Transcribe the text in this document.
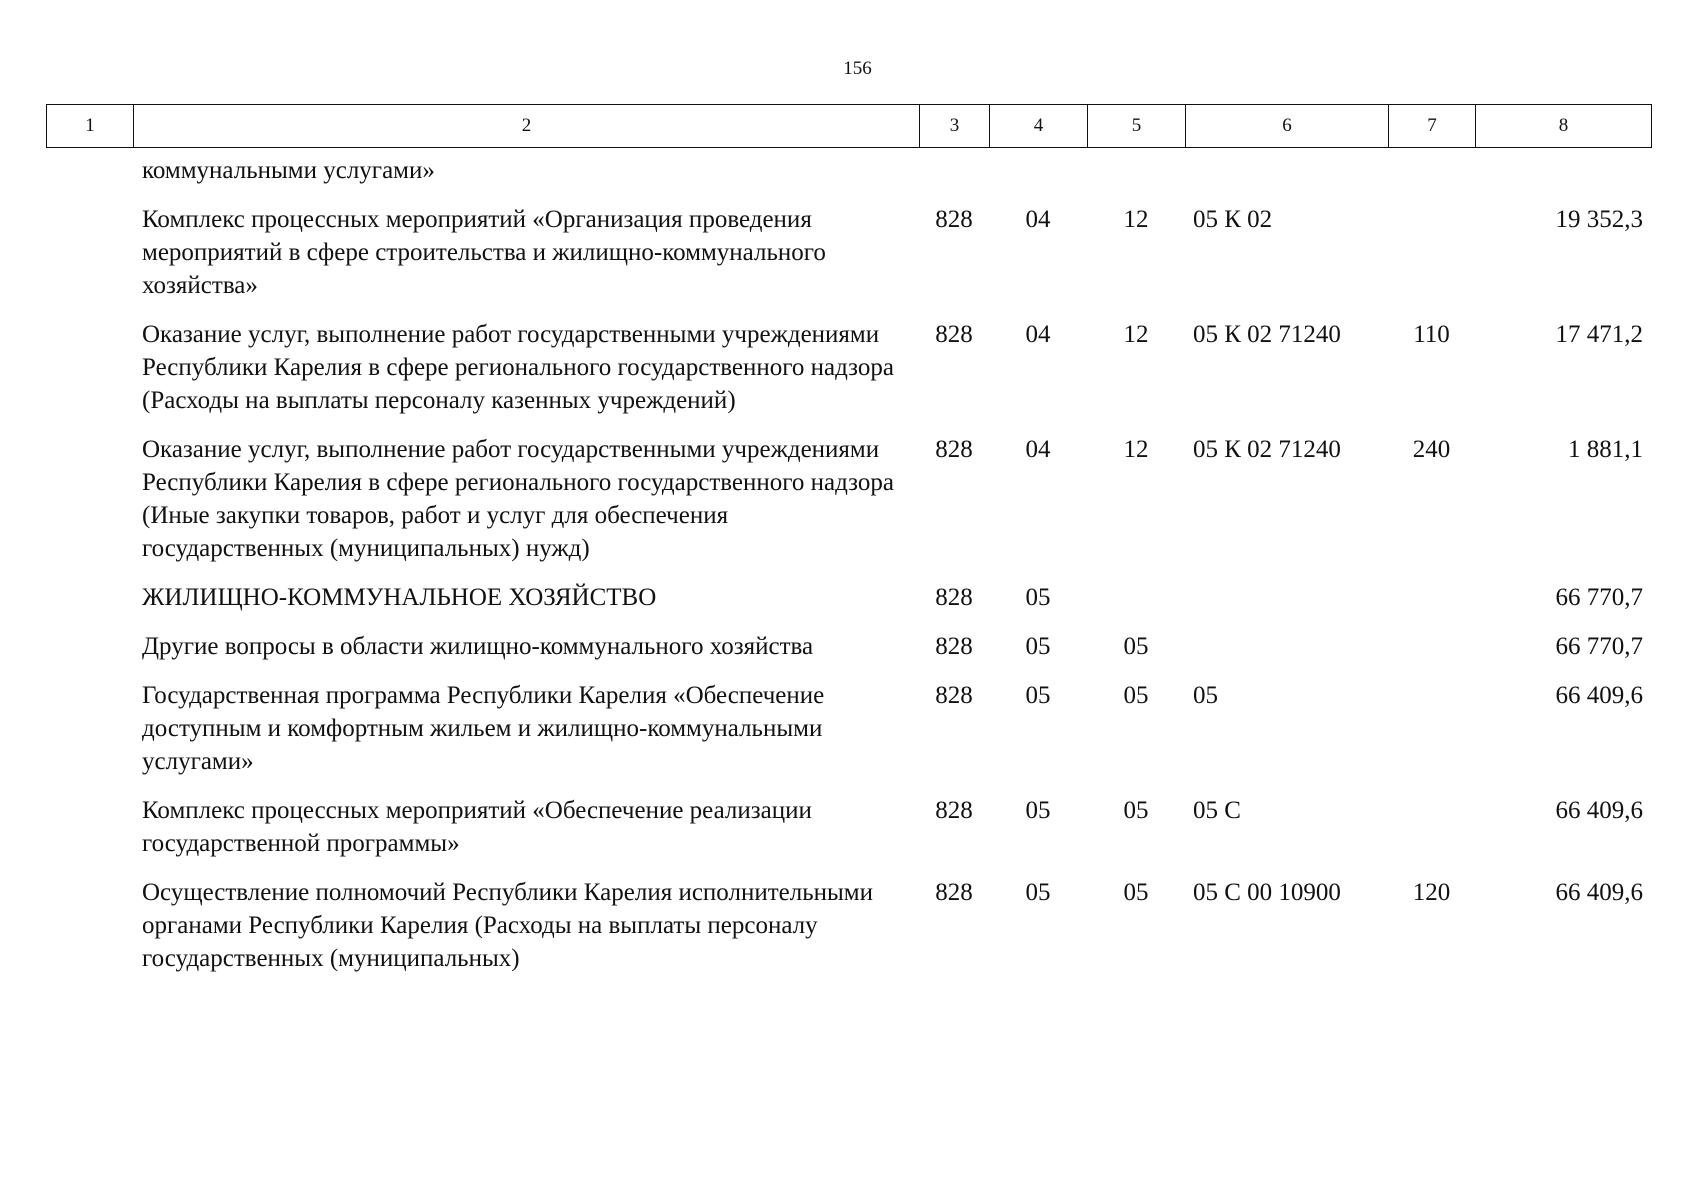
156
1	2	3	4	5	6	7	8
коммунальными услугами»						
Комплекс процессных мероприятий «Организация проведения мероприятий в сфере строительства и жилищно-коммунального хозяйства»	828	04	12	05 К 02		19 352,3
Оказание услуг, выполнение работ государственными учреждениями Республики Карелия в сфере регионального государственного надзора (Расходы на выплаты персоналу казенных учреждений)	828	04	12	05 К 02 71240	110	17 471,2
Оказание услуг, выполнение работ государственными учреждениями Республики Карелия в сфере регионального государственного надзора (Иные закупки товаров, работ и услуг для обеспечения государственных (муниципальных) нужд)	828	04	12	05 К 02 71240	240	1 881,1
ЖИЛИЩНО-КОММУНАЛЬНОЕ ХОЗЯЙСТВО	828	05				66 770,7
Другие вопросы в области жилищно-коммунального хозяйства	828	05	05			66 770,7
Государственная программа Республики Карелия «Обеспечение доступным и комфортным жильем и жилищно-коммунальными услугами»	828	05	05	05		66 409,6
Комплекс процессных мероприятий «Обеспечение реализации государственной программы»	828	05	05	05 С		66 409,6
Осуществление полномочий Республики Карелия исполнительными органами Республики Карелия (Расходы на выплаты персоналу государственных (муниципальных)	828	05	05	05 С 00 10900	120	66 409,6
